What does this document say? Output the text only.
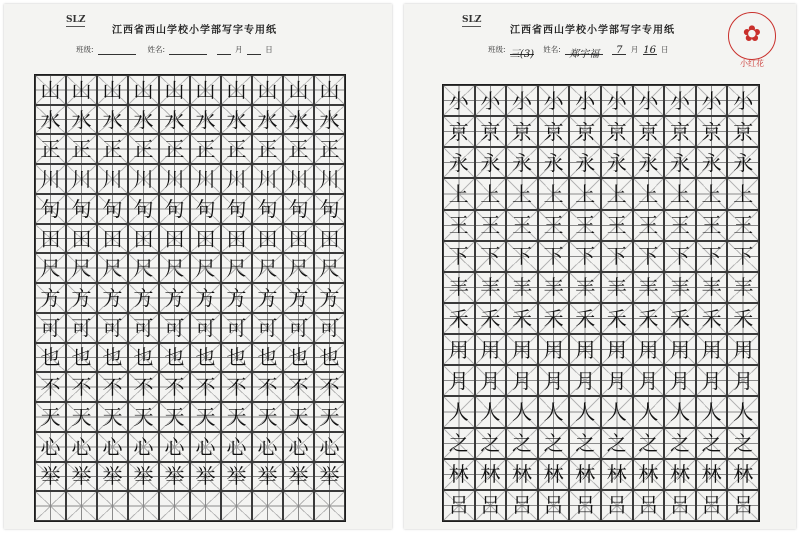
SLZ
江西省西山学校小学部写字专用纸
班级:	姓名:	月	日
山 山 山 山 山 山 山 山 山 山
水 水 水 水 水 水 水 水 水 水
正 正 正 正 正 正 正 正 正 正
川 川 川 川 川 川 川 川 川 川
句 句 句 句 句 句 句 句 句 句
田 田 田 田 田 田 田 田 田 田
尺 尺 尺 尺 尺 尺 尺 尺 尺 尺
方 方 方 方 方 方 方 方 方 方
可 可 可 可 可 可 可 可 可 可
也 也 也 也 也 也 也 也 也 也
不 不 不 不 不 不 不 不 不 不
天 天 天 天 天 天 天 天 天 天
心 心 心 心 心 心 心 心 心 心
举 举 举 举 举 举 举 举 举 举
SLZ
江西省西山学校小学部写字专用纸
班级: 三(3) 姓名: 郑宇福 7 月 16 日
✿
小红花
小 小 小 小 小 小 小 小 小 小
京 京 京 京 京 京 京 京 京 京
永 永 永 永 永 永 永 永 永 永
上 上 上 上 上 上 上 上 上 上
王 王 王 王 王 王 王 王 王 王
下 下 下 下 下 下 下 下 下 下
丰 丰 丰 丰 丰 丰 丰 丰 丰 丰
禾 禾 禾 禾 禾 禾 禾 禾 禾 禾
用 用 用 用 用 用 用 用 用 用
月 月 月 月 月 月 月 月 月 月
人 人 人 人 人 人 人 人 人 人
之 之 之 之 之 之 之 之 之 之
林 林 林 林 林 林 林 林 林 林
吕 吕 吕 吕 吕 吕 吕 吕 吕 吕
